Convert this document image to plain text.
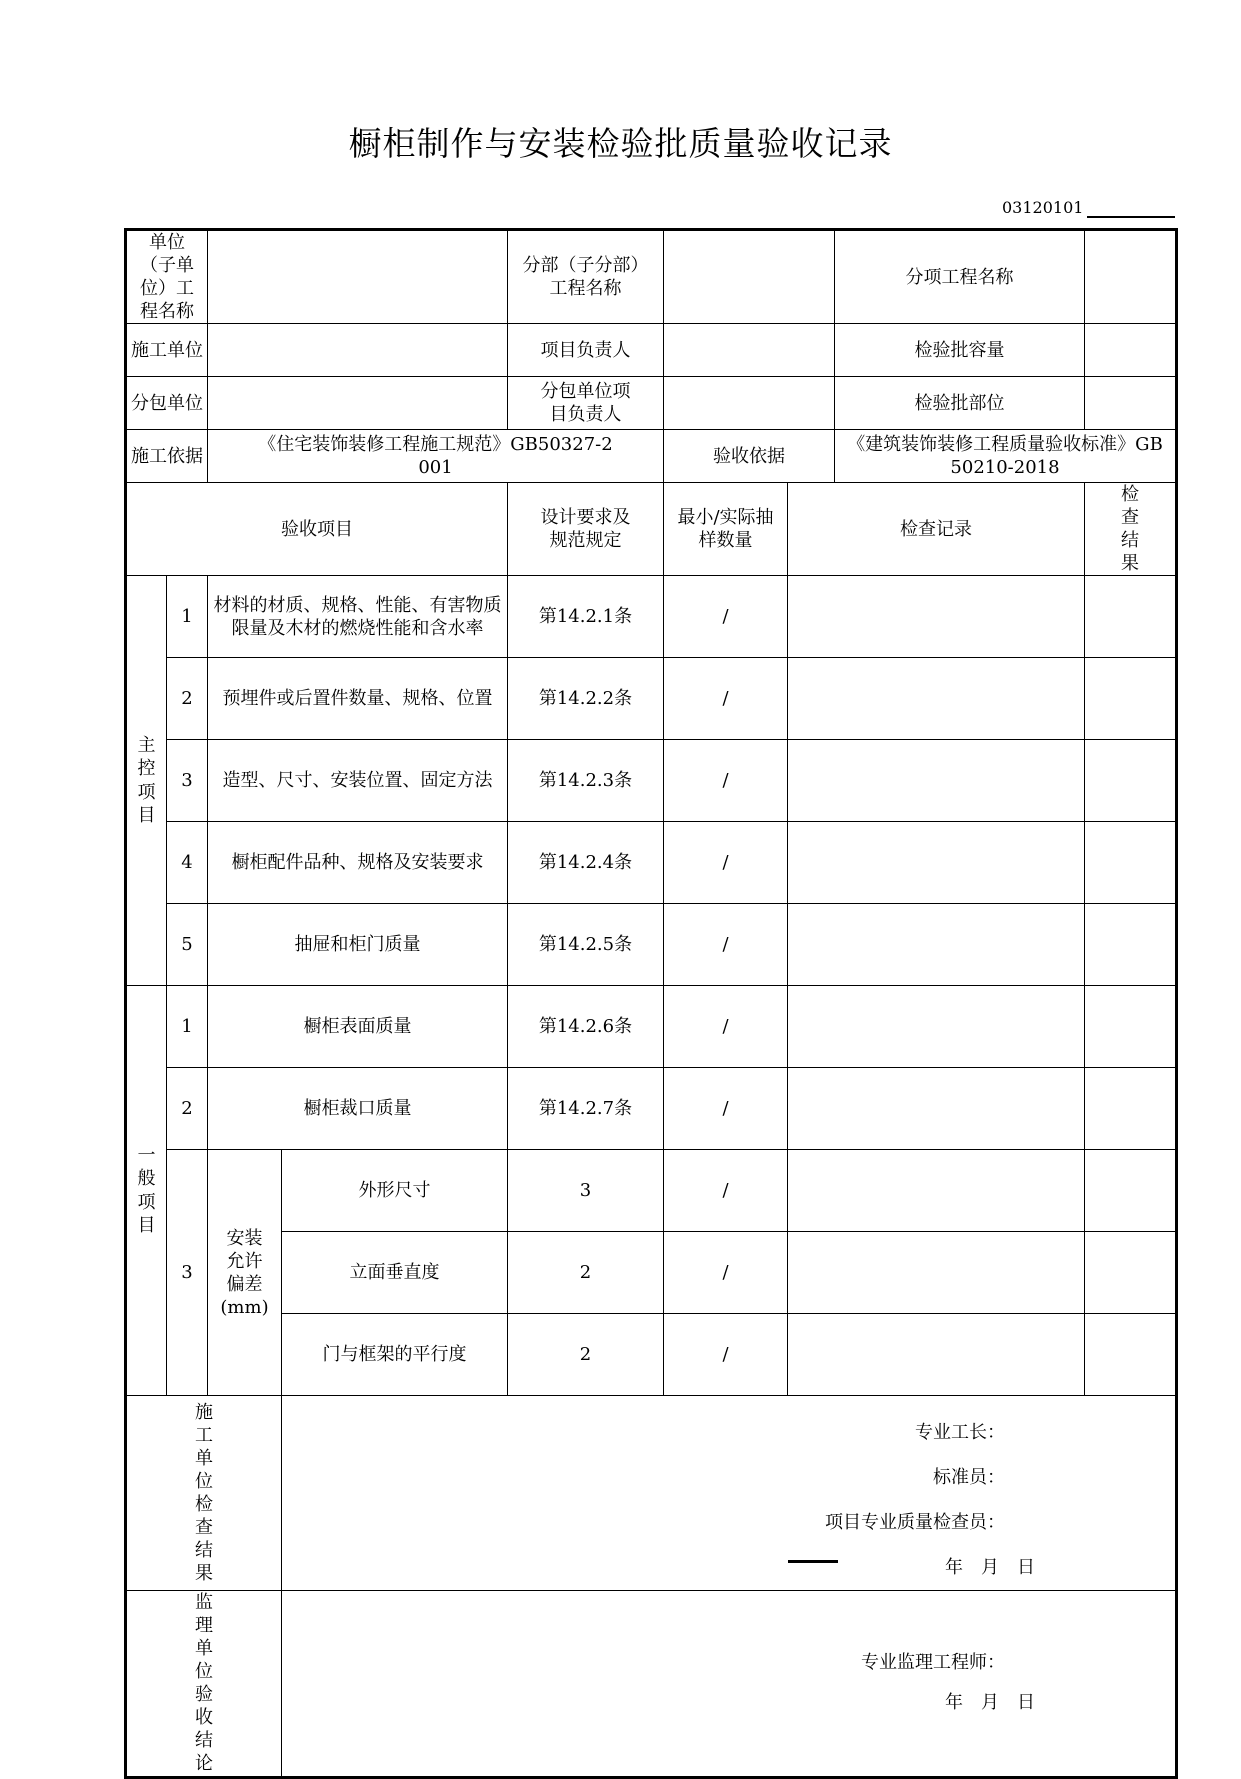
橱柜制作与安装检验批质量验收记录
03120101
单位（子单位）工程名称				分部（子分部）工程名称			分项工程名称	
施工单位				项目负责人			检验批容量	
分包单位				分包单位项目负责人			检验批部位	
施工依据		《住宅装饰装修工程施工规范》GB50327-2001			验收依据		《建筑装饰装修工程质量验收标准》GB50210-2018	
验收项目				设计要求及规范规定	最小/实际抽样数量	检查记录		检查结果
主控项目	1	材料的材质、规格、性能、有害物质限量及木材的燃烧性能和含水率		第14.2.1条	/			
	2	预埋件或后置件数量、规格、位置		第14.2.2条	/			
	3	造型、尺寸、安装位置、固定方法		第14.2.3条	/			
	4	橱柜配件品种、规格及安装要求		第14.2.4条	/			
	5	抽屉和柜门质量		第14.2.5条	/			
一般项目	1	橱柜表面质量		第14.2.6条	/			
	2	橱柜裁口质量		第14.2.7条	/			
	3	安装允许偏差(mm)	外形尺寸	3	/			
			立面垂直度	2	/			
			门与框架的平行度	2	/			
施工单位检查结果			专业工长：
标准员：
项目专业质量检查员：
年　月　日					

监理单位验收结论			专业监理工程师：
年　月　日					
